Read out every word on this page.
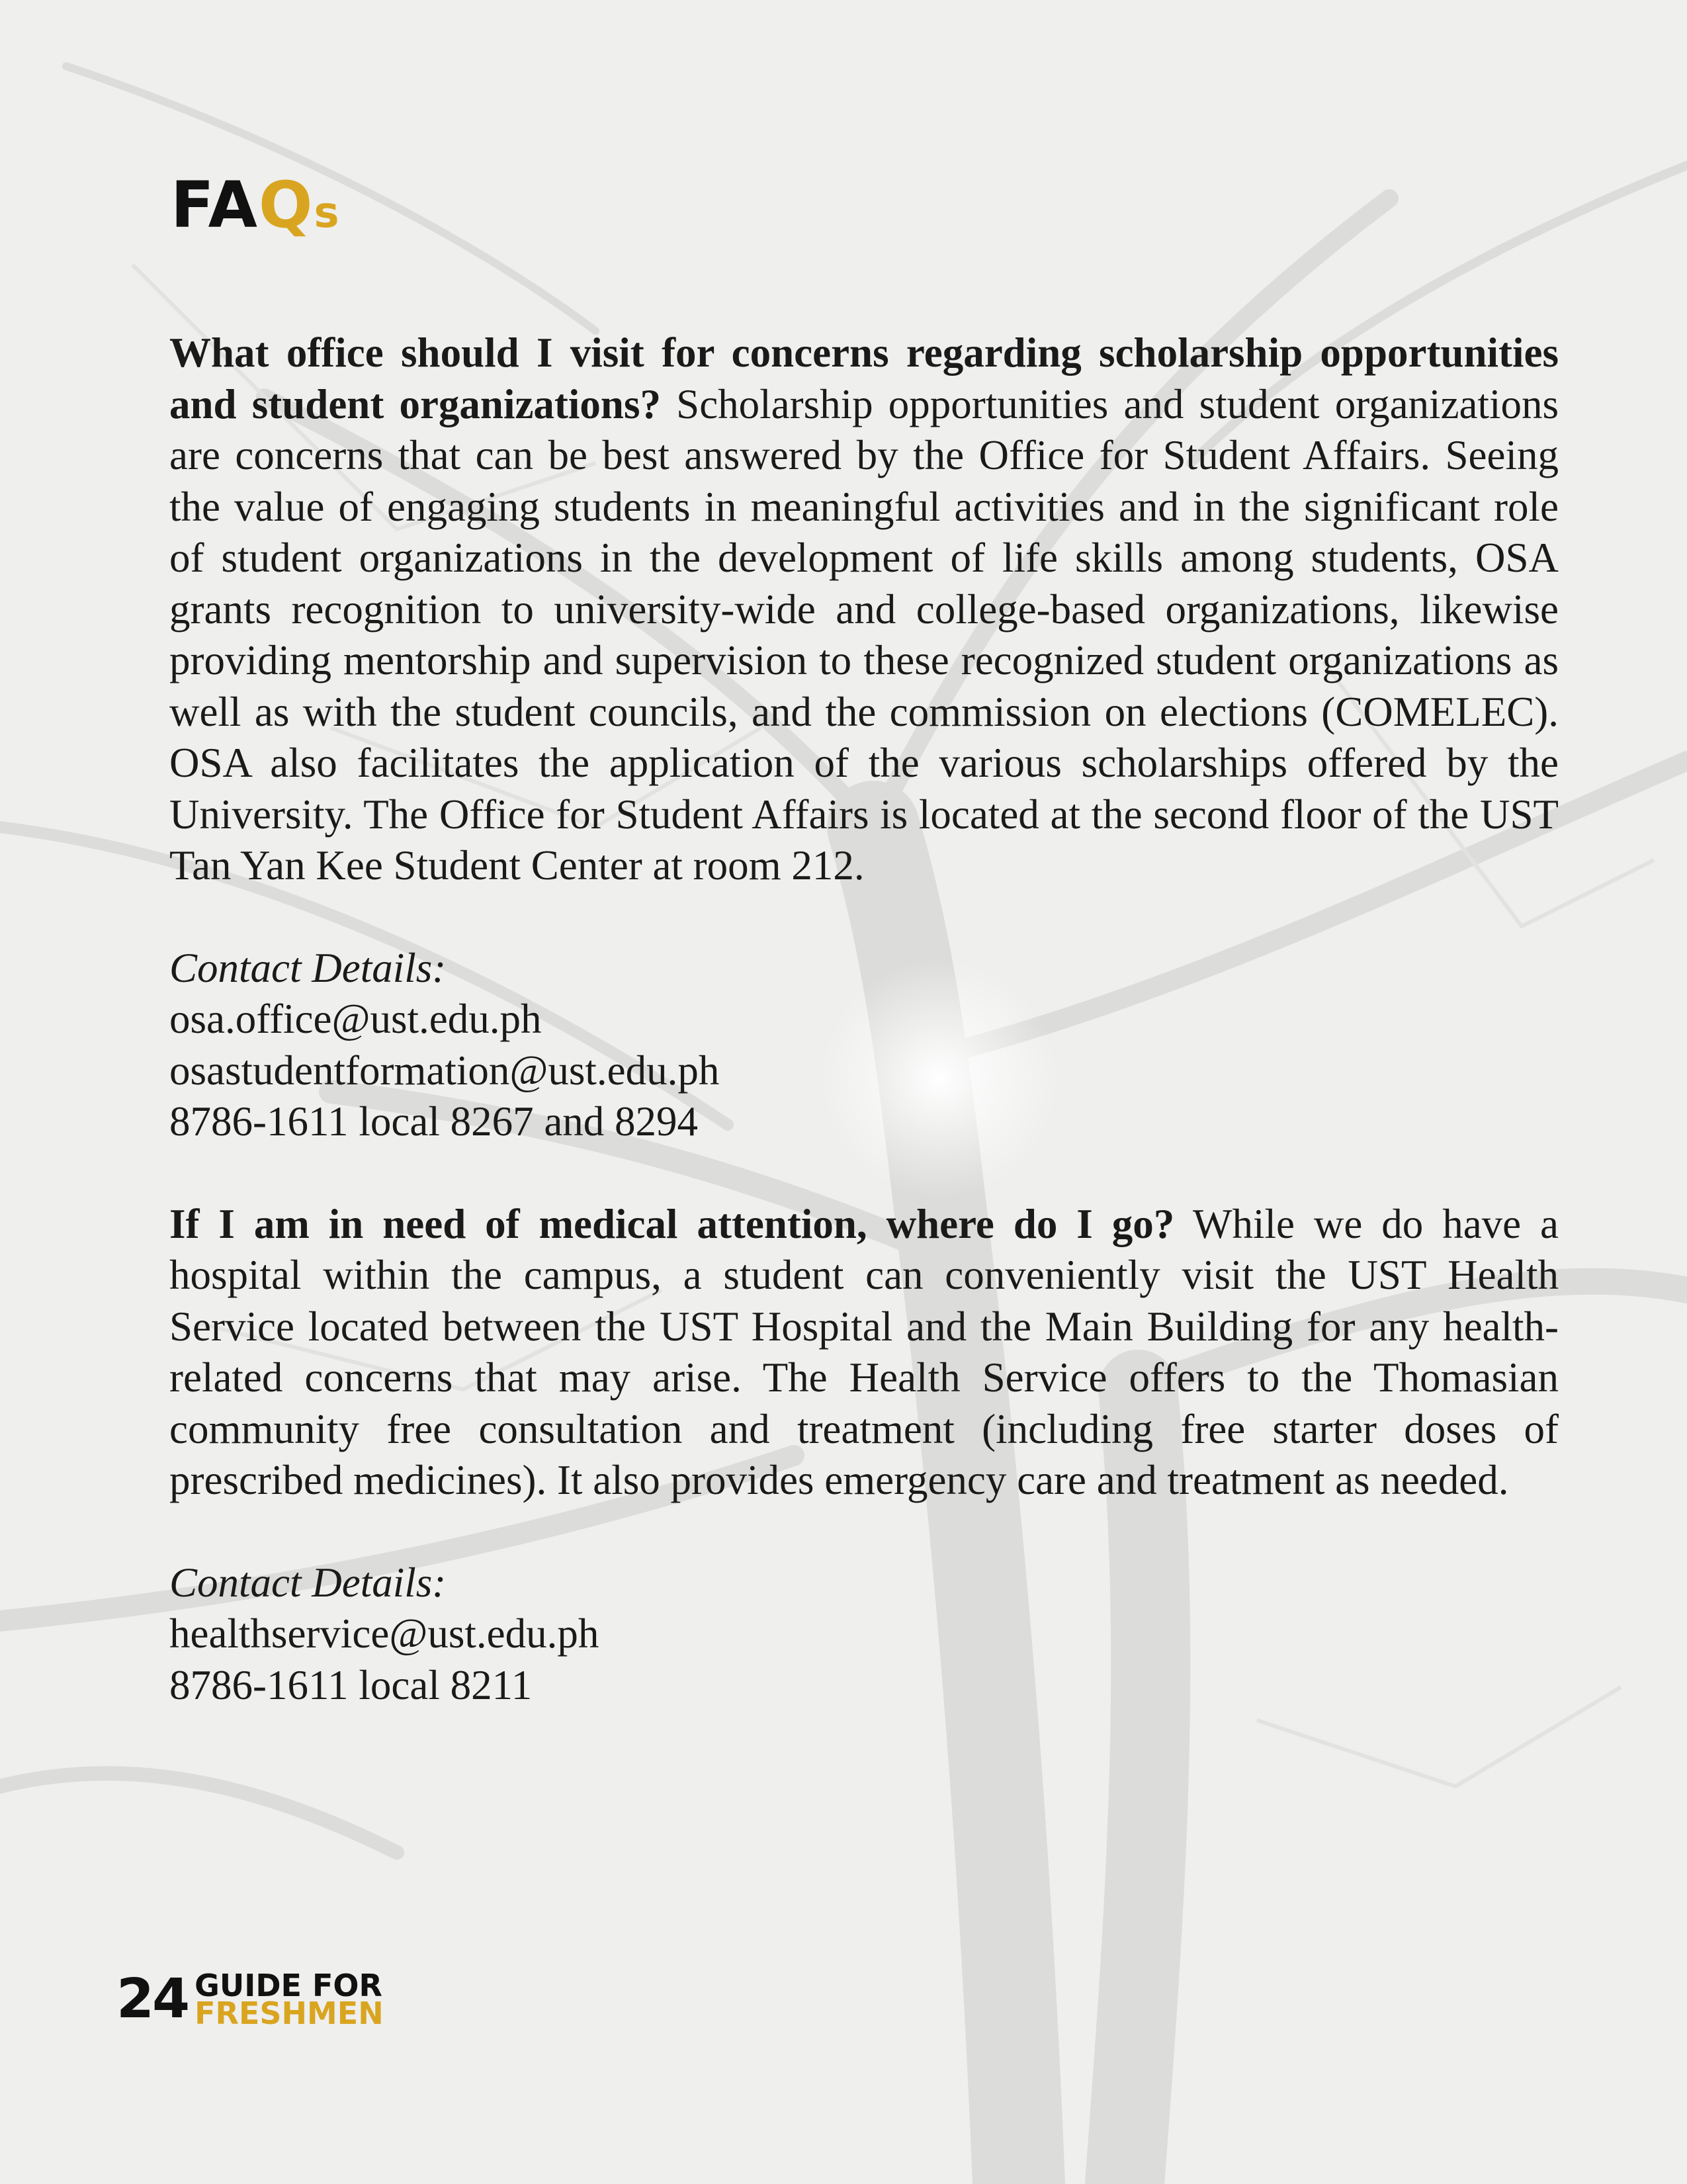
FAQs

What office should I visit for concerns regarding scholarship opportunities and student organizations? Scholarship opportunities and student organizations are concerns that can be best answered by the Office for Student Affairs. Seeing the value of engaging students in meaningful activities and in the significant role of student organizations in the development of life skills among students, OSA grants recognition to university-wide and college-based organizations, likewise providing mentorship and supervision to these recognized student organizations as well as with the student councils, and the commission on elections (COMELEC). OSA also facilitates the application of the various scholarships offered by the University. The Office for Student Affairs is located at the second floor of the UST Tan Yan Kee Student Center at room 212.

Contact Details:
osa.office@ust.edu.ph
osastudentformation@ust.edu.ph
8786-1611 local 8267 and 8294

If I am in need of medical attention, where do I go? While we do have a hospital within the campus, a student can conveniently visit the UST Health Service located between the UST Hospital and the Main Building for any health-related concerns that may arise. The Health Service offers to the Thomasian community free consultation and treatment (including free starter doses of prescribed medicines). It also provides emergency care and treatment as needed.

Contact Details:
healthservice@ust.edu.ph
8786-1611 local 8211
24 GUIDE FOR
FRESHMEN
